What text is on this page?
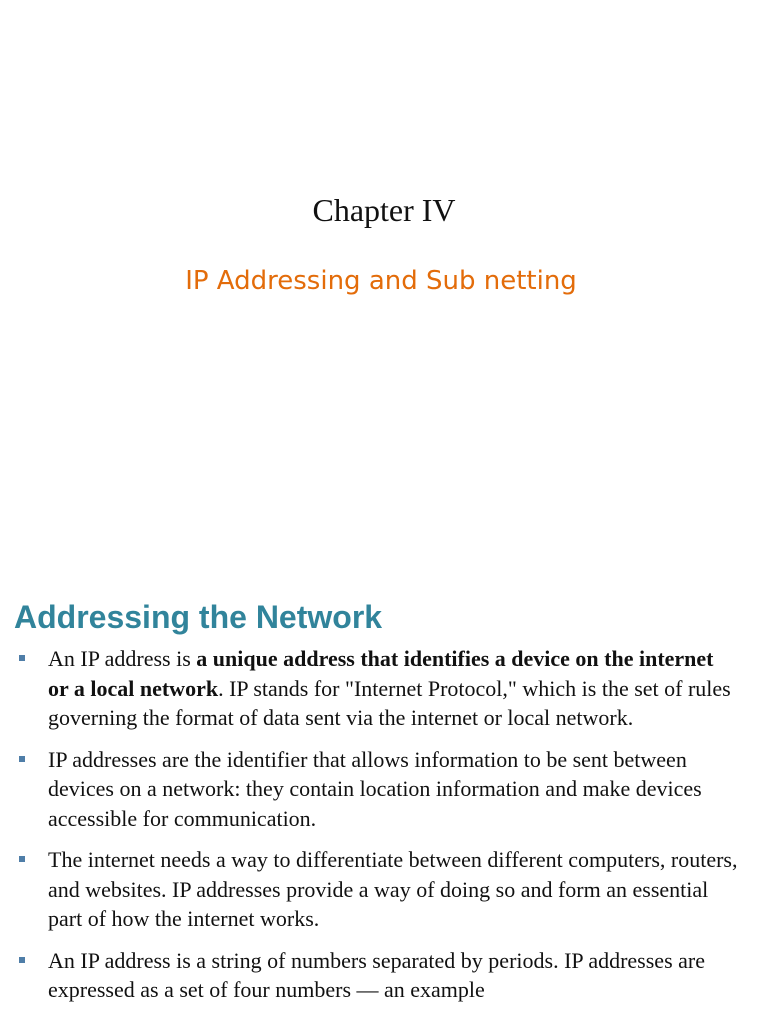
Chapter IV
IP Addressing and Sub netting
Addressing the Network
An IP address is a unique address that identifies a device on the internet or a local network. IP stands for "Internet Protocol," which is the set of rules governing the format of data sent via the internet or local network.
IP addresses are the identifier that allows information to be sent between devices on a network: they contain location information and make devices accessible for communication.
The internet needs a way to differentiate between different computers, routers, and websites. IP addresses provide a way of doing so and form an essential part of how the internet works.
An IP address is a string of numbers separated by periods. IP addresses are expressed as a set of four numbers — an example
